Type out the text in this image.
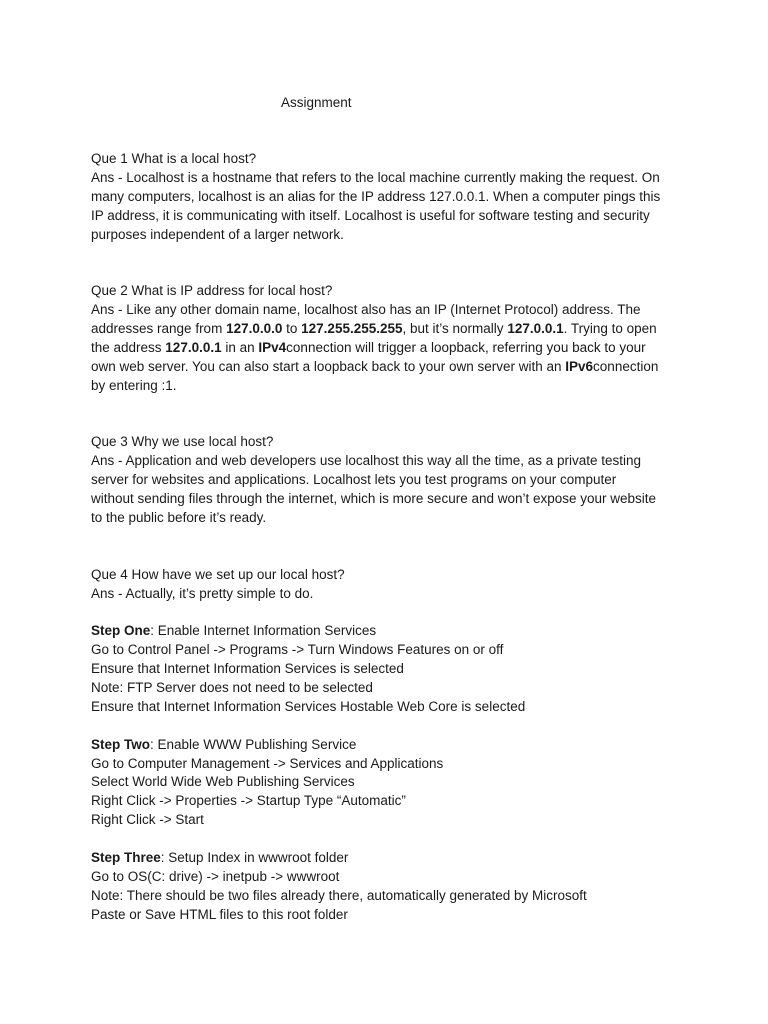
Assignment
Que 1 What is a local host?
Ans - Localhost is a hostname that refers to the local machine currently making the request. On
many computers, localhost is an alias for the IP address 127.0.0.1. When a computer pings this
IP address, it is communicating with itself. Localhost is useful for software testing and security
purposes independent of a larger network.
Que 2 What is IP address for local host?
Ans - Like any other domain name, localhost also has an IP (Internet Protocol) address. The
addresses range from 127.0.0.0 to 127.255.255.255, but it’s normally 127.0.0.1. Trying to open
the address 127.0.0.1 in an IPv4connection will trigger a loopback, referring you back to your
own web server. You can also start a loopback back to your own server with an IPv6connection
by entering :1.
Que 3 Why we use local host?
Ans - Application and web developers use localhost this way all the time, as a private testing
server for websites and applications. Localhost lets you test programs on your computer
without sending files through the internet, which is more secure and won’t expose your website
to the public before it’s ready.
Que 4 How have we set up our local host?
Ans - Actually, it’s pretty simple to do.
Step One: Enable Internet Information Services
Go to Control Panel -> Programs -> Turn Windows Features on or off
Ensure that Internet Information Services is selected
Note: FTP Server does not need to be selected
Ensure that Internet Information Services Hostable Web Core is selected
Step Two: Enable WWW Publishing Service
Go to Computer Management -> Services and Applications
Select World Wide Web Publishing Services
Right Click -> Properties -> Startup Type “Automatic”
Right Click -> Start
Step Three: Setup Index in wwwroot folder
Go to OS(C: drive) -> inetpub -> wwwroot
Note: There should be two files already there, automatically generated by Microsoft
Paste or Save HTML files to this root folder
